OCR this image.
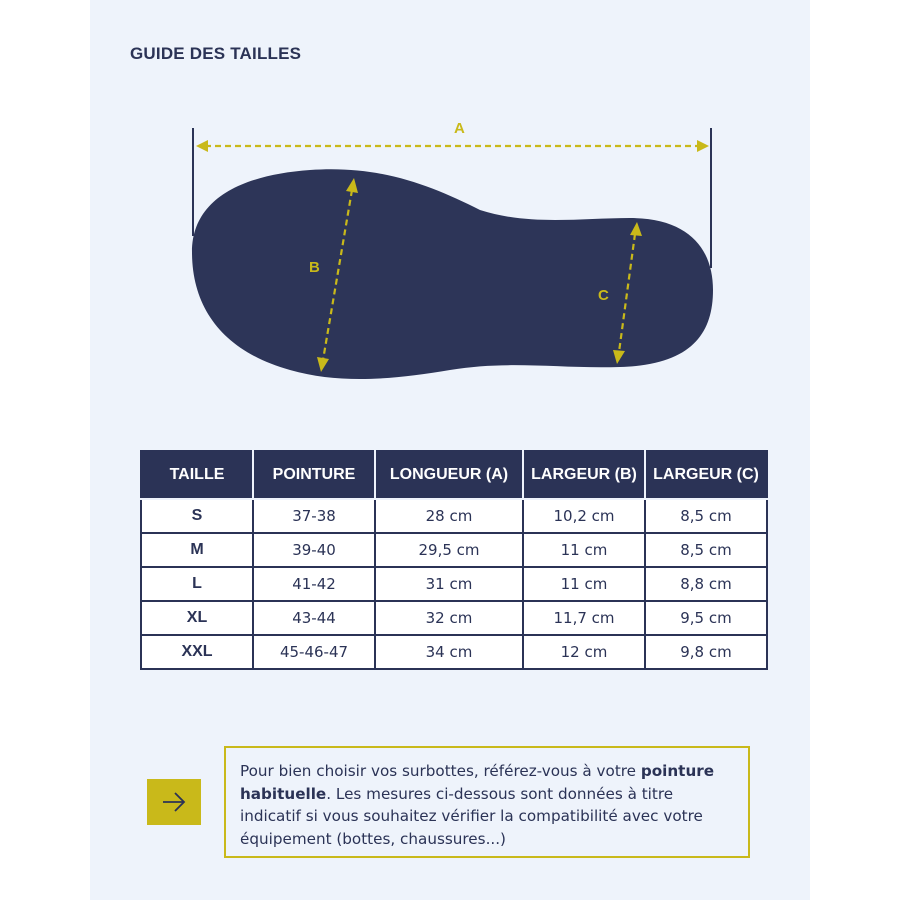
GUIDE DES TAILLES
A
B
C
TAILLE	POINTURE	LONGUEUR (A)	LARGEUR (B)	LARGEUR (C)
S	37-38	28 cm	10,2 cm	8,5 cm
M	39-40	29,5 cm	11 cm	8,5 cm
L	41-42	31 cm	11 cm	8,8 cm
XL	43-44	32 cm	11,7 cm	9,5 cm
XXL	45-46-47	34 cm	12 cm	9,8 cm
Pour bien choisir vos surbottes, référez-vous à votre pointure habituelle. Les mesures ci-dessous sont données à titre indicatif si vous souhaitez vérifier la compatibilité avec votre équipement (bottes, chaussures...)
